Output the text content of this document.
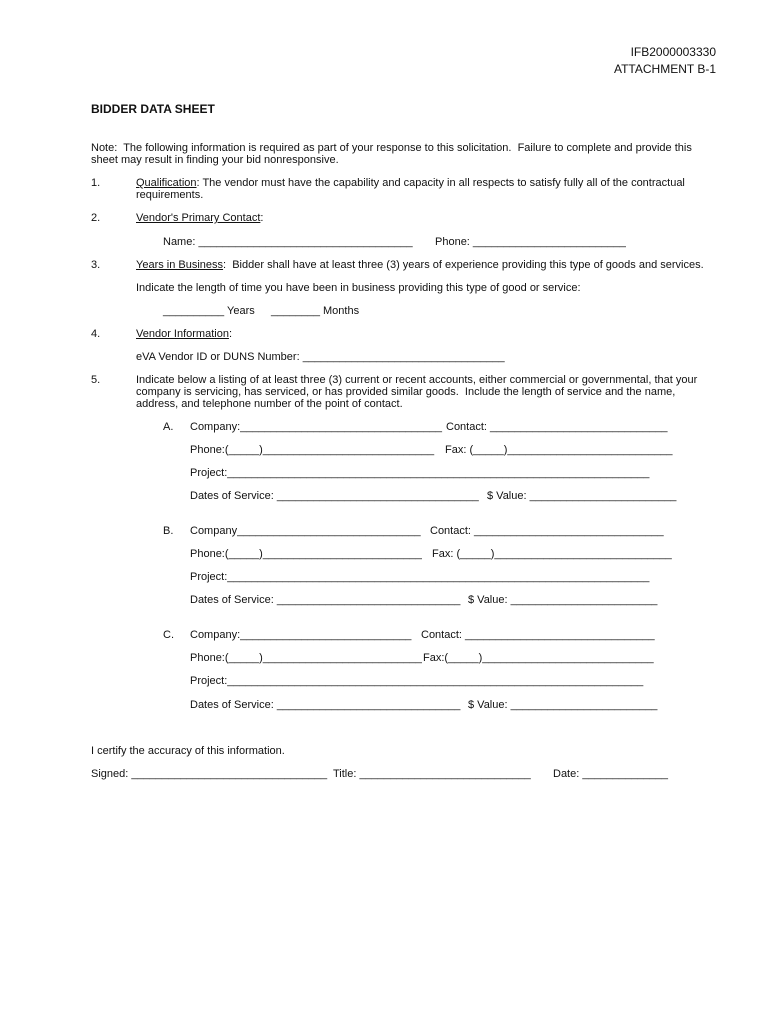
IFB2000003330
ATTACHMENT B-1
BIDDER DATA SHEET
Note:  The following information is required as part of your response to this solicitation.  Failure to complete and provide this
sheet may result in finding your bid nonresponsive.
1.	Qualification: The vendor must have the capability and capacity in all respects to satisfy fully all of the contractual
requirements.
2.	Vendor's Primary Contact:
Name: ___________________________________ Phone: _________________________
3.	Years in Business:  Bidder shall have at least three (3) years of experience providing this type of goods and services.
Indicate the length of time you have been in business providing this type of good or service:
__________ Years ________ Months
4.	Vendor Information:
eVA Vendor ID or DUNS Number: _________________________________
5.	Indicate below a listing of at least three (3) current or recent accounts, either commercial or governmental, that your
company is servicing, has serviced, or has provided similar goods.  Include the length of service and the name,
address, and telephone number of the point of contact.
A. Company:_________________________________ Contact: _____________________________
Phone:(_____)____________________________ Fax: (_____)___________________________
Project:_____________________________________________________________________
Dates of Service: _________________________________ $ Value: ________________________
B. Company______________________________ Contact: _______________________________
Phone:(_____)__________________________ Fax: (_____)_____________________________
Project:_____________________________________________________________________
Dates of Service: ______________________________ $ Value: ________________________
C. Company:____________________________ Contact: _______________________________
Phone:(_____)__________________________ Fax:(_____)____________________________
Project:____________________________________________________________________
Dates of Service: ______________________________ $ Value: ________________________
I certify the accuracy of this information.
Signed: ________________________________ Title: ____________________________ Date: ______________
